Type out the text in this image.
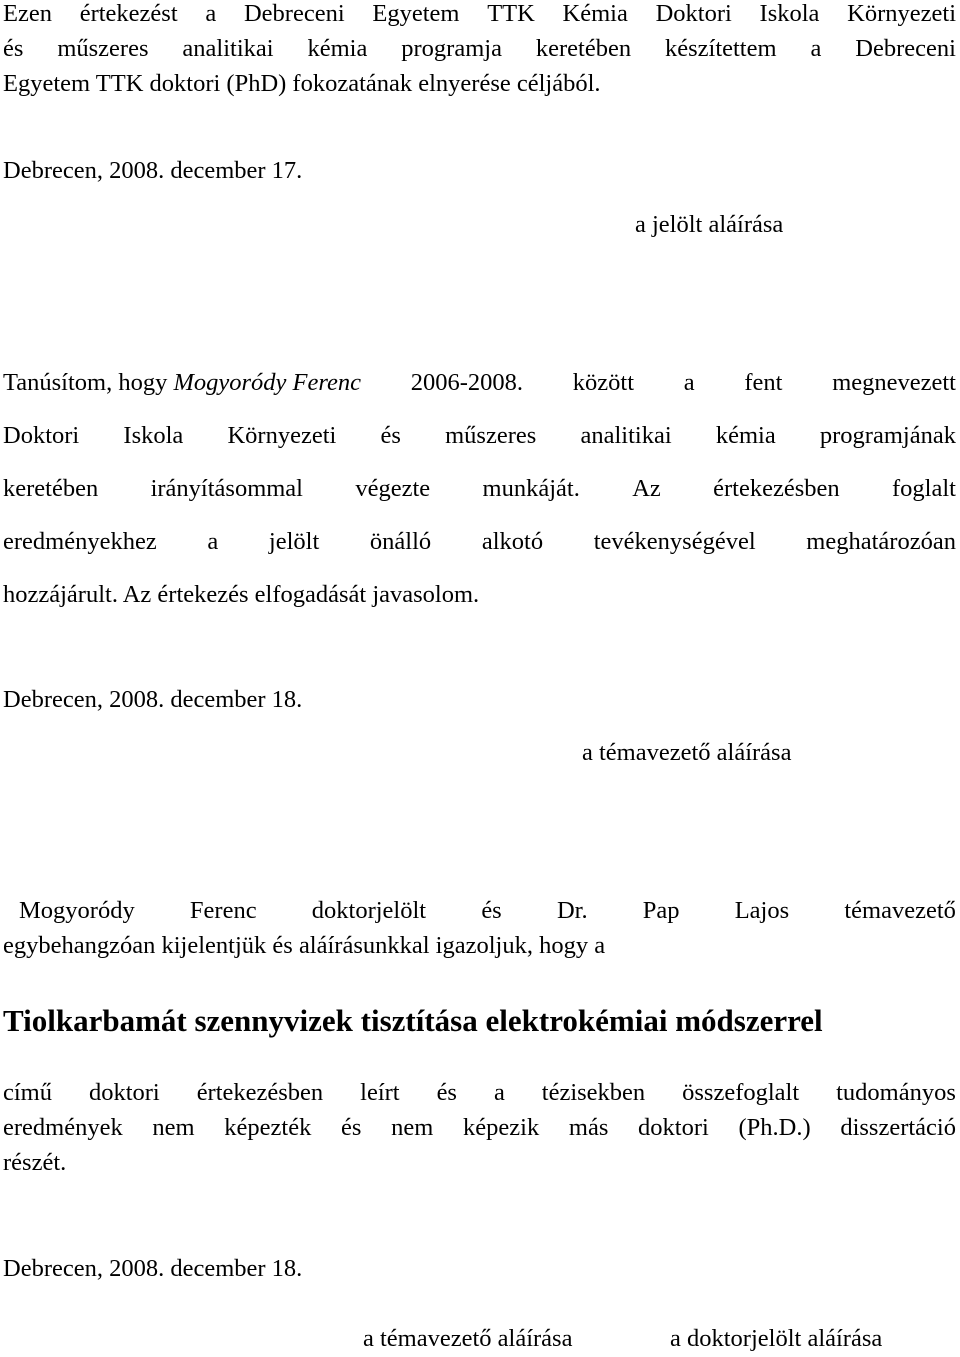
Ezen értekezést a Debreceni Egyetem TTK Kémia Doktori Iskola Környezeti
és műszeres analitikai kémia programja keretében készítettem a Debreceni
Egyetem TTK doktori (PhD) fokozatának elnyerése céljából.
Debrecen, 2008. december 17.
a jelölt aláírása
Tanúsítom, hogy Mogyoródy Ferenc 2006-2008. között a fent megnevezett
Doktori Iskola Környezeti és műszeres analitikai kémia programjának
keretében irányításommal végezte munkáját. Az értekezésben foglalt
eredményekhez a jelölt önálló alkotó tevékenységével meghatározóan
hozzájárult. Az értekezés elfogadását javasolom.
Debrecen, 2008. december 18.
a témavezető aláírása
Mogyoródy Ferenc doktorjelölt és Dr. Pap Lajos témavezető
egybehangzóan kijelentjük és aláírásunkkal igazoljuk, hogy a
Tiolkarbamát szennyvizek tisztítása elektrokémiai módszerrel
című doktori értekezésben leírt és a tézisekben összefoglalt tudományos
eredmények nem képezték és nem képezik más doktori (Ph.D.) disszertáció
részét.
Debrecen, 2008. december 18.
a témavezető aláírása	a doktorjelölt aláírása
